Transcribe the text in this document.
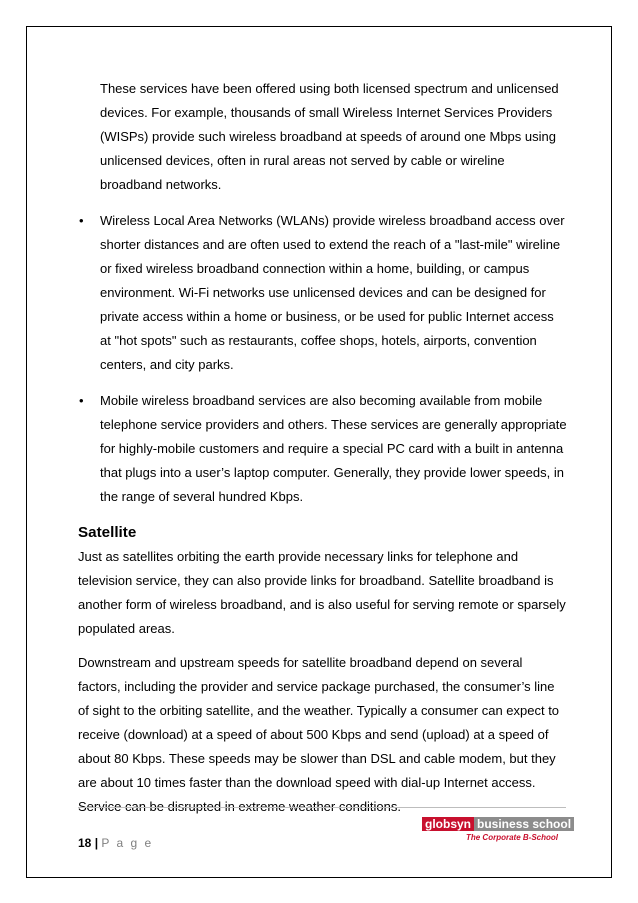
These services have been offered using both licensed spectrum and unlicensed devices. For example, thousands of small Wireless Internet Services Providers (WISPs) provide such wireless broadband at speeds of around one Mbps using unlicensed devices, often in rural areas not served by cable or wireline broadband networks.

• Wireless Local Area Networks (WLANs) provide wireless broadband access over shorter distances and are often used to extend the reach of a "last-mile" wireline or fixed wireless broadband connection within a home, building, or campus environment. Wi-Fi networks use unlicensed devices and can be designed for private access within a home or business, or be used for public Internet access at "hot spots" such as restaurants, coffee shops, hotels, airports, convention centers, and city parks.
• Mobile wireless broadband services are also becoming available from mobile telephone service providers and others. These services are generally appropriate for highly-mobile customers and require a special PC card with a built in antenna that plugs into a user’s laptop computer. Generally, they provide lower speeds, in the range of several hundred Kbps.
Satellite

Just as satellites orbiting the earth provide necessary links for telephone and television service, they can also provide links for broadband. Satellite broadband is another form of wireless broadband, and is also useful for serving remote or sparsely populated areas.

Downstream and upstream speeds for satellite broadband depend on several factors, including the provider and service package purchased, the consumer’s line of sight to the orbiting satellite, and the weather. Typically a consumer can expect to receive (download) at a speed of about 500 Kbps and send (upload) at a speed of about 80 Kbps. These speeds may be slower than DSL and cable modem, but they are about 10 times faster than the download speed with dial-up Internet access. Service can be disrupted in extreme weather conditions.

18 | P a g e
globsyn business school
The Corporate B-School
